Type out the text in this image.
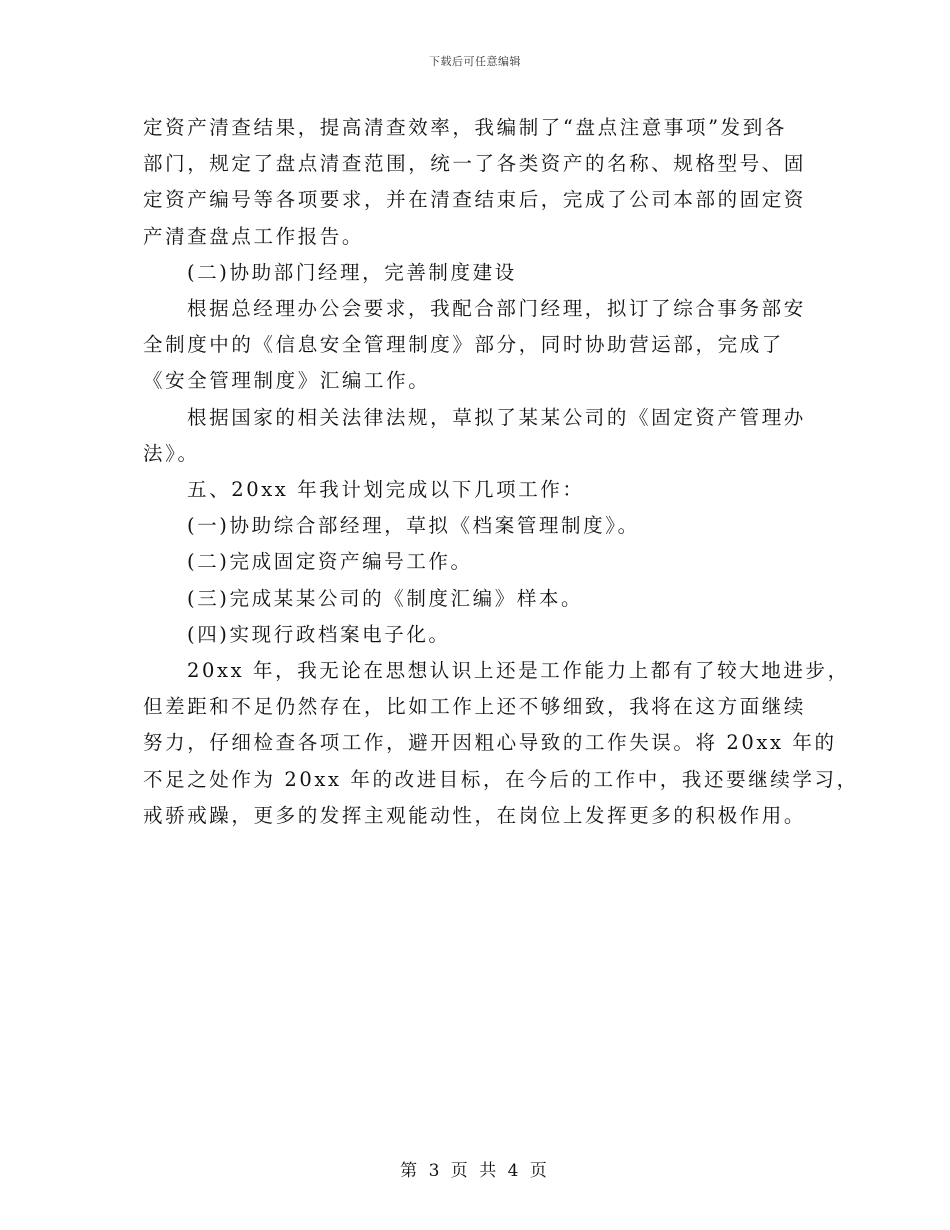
下载后可任意编辑

定资产清查结果，提高清查效率，我编制了“盘点注意事项”发到各

部门，规定了盘点清查范围，统一了各类资产的名称、规格型号、固

定资产编号等各项要求，并在清查结束后，完成了公司本部的固定资

产清查盘点工作报告。

(二)协助部门经理，完善制度建设

根据总经理办公会要求，我配合部门经理，拟订了综合事务部安

全制度中的《信息安全管理制度》部分，同时协助营运部，完成了

《安全管理制度》汇编工作。

根据国家的相关法律法规，草拟了某某公司的《固定资产管理办

法》。

五、20xx 年我计划完成以下几项工作：

(一)协助综合部经理，草拟《档案管理制度》。

(二)完成固定资产编号工作。

(三)完成某某公司的《制度汇编》样本。

(四)实现行政档案电子化。

20xx 年，我无论在思想认识上还是工作能力上都有了较大地进步，

但差距和不足仍然存在，比如工作上还不够细致，我将在这方面继续

努力，仔细检查各项工作，避开因粗心导致的工作失误。将 20xx 年的

不足之处作为 20xx 年的改进目标，在今后的工作中，我还要继续学习，

戒骄戒躁，更多的发挥主观能动性，在岗位上发挥更多的积极作用。

第 3 页 共 4 页
